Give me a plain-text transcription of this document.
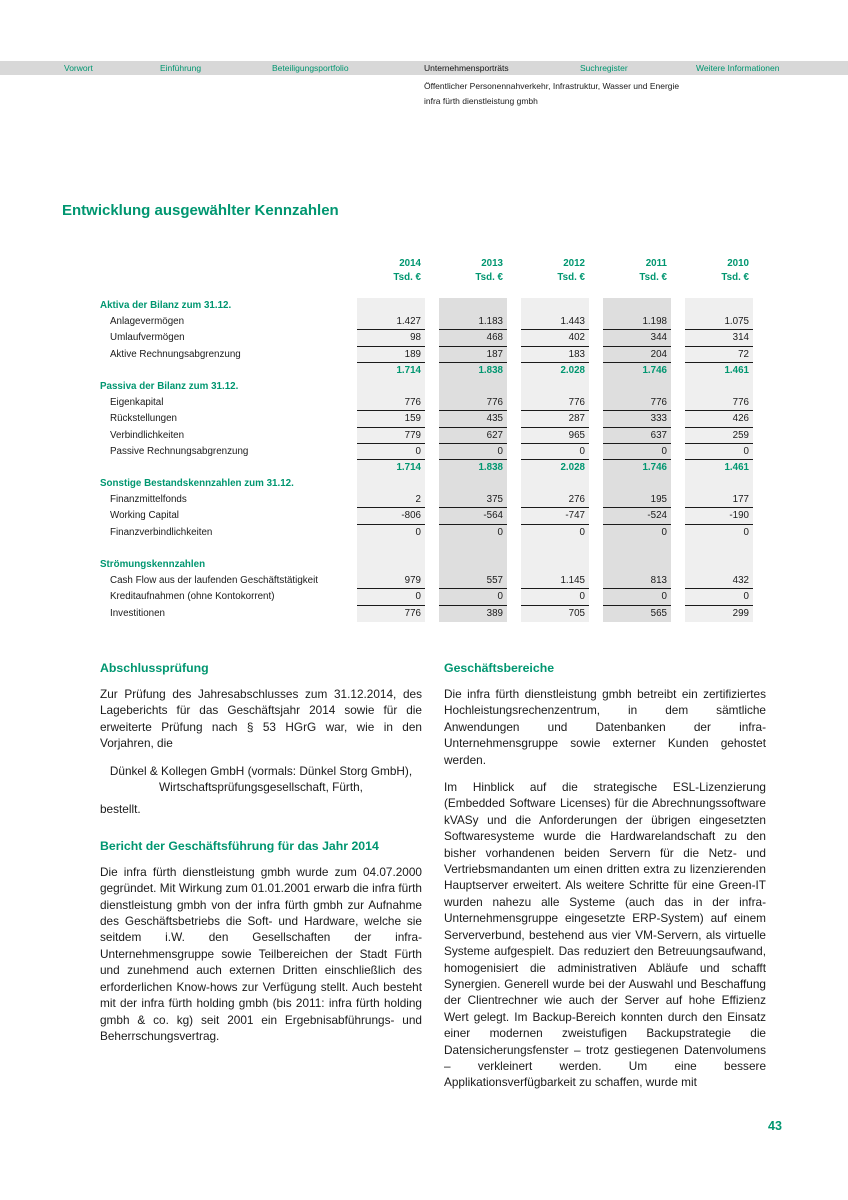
Vorwort	Einführung	Beteiligungsportfolio	Unternehmensporträts	Suchregister	Weitere Informationen
Öffentlicher Personennahverkehr, Infrastruktur, Wasser und Energie
infra fürth dienstleistung gmbh
Entwicklung ausgewählter Kennzahlen
2014	2013	2012	2011	2010
Tsd. €	Tsd. €	Tsd. €	Tsd. €	Tsd. €
Aktiva der Bilanz zum 31.12.
Anlagevermögen	1.427	1.183	1.443	1.198	1.075
Umlaufvermögen	98	468	402	344	314
Aktive Rechnungsabgrenzung	189	187	183	204	72
1.714	1.838	2.028	1.746	1.461
Passiva der Bilanz zum 31.12.
Eigenkapital	776	776	776	776	776
Rückstellungen	159	435	287	333	426
Verbindlichkeiten	779	627	965	637	259
Passive Rechnungsabgrenzung	0	0	0	0	0
1.714	1.838	2.028	1.746	1.461
Sonstige Bestandskennzahlen zum 31.12.
Finanzmittelfonds	2	375	276	195	177
Working Capital	-806	-564	-747	-524	-190
Finanzverbindlichkeiten	0	0	0	0	0
Strömungskennzahlen
Cash Flow aus der laufenden Geschäftstätigkeit	979	557	1.145	813	432
Kreditaufnahmen (ohne Kontokorrent)	0	0	0	0	0
Investitionen	776	389	705	565	299
Abschlussprüfung
Zur Prüfung des Jahresabschlusses zum 31.12.2014, des Lageberichts für das Geschäftsjahr 2014 sowie für die erweiterte Prüfung nach § 53 HGrG war, wie in den Vorjahren, die
Dünkel & Kollegen GmbH (vormals: Dünkel Storg GmbH),
Wirtschaftsprüfungsgesellschaft, Fürth,
bestellt.
Bericht der Geschäftsführung für das Jahr 2014
Die infra fürth dienstleistung gmbh wurde zum 04.07.2000 gegründet. Mit Wirkung zum 01.01.2001 erwarb die infra fürth dienstleistung gmbh von der infra fürth gmbh zur Aufnahme des Geschäftsbetriebs die Soft- und Hardware, welche sie seitdem i.W. den Gesellschaften der infra-Unternehmensgruppe sowie Teilbereichen der Stadt Fürth und zunehmend auch externen Dritten einschließlich des erforderlichen Know-hows zur Verfügung stellt. Auch besteht mit der infra fürth holding gmbh (bis 2011: infra fürth holding gmbh & co. kg) seit 2001 ein Ergebnisabführungs- und Beherrschungsvertrag.
Geschäftsbereiche
Die infra fürth dienstleistung gmbh betreibt ein zertifiziertes Hochleistungsrechenzentrum, in dem sämtliche Anwendungen und Datenbanken der infra-Unternehmensgruppe sowie externer Kunden gehostet werden.
Im Hinblick auf die strategische ESL-Lizenzierung (Embedded Software Licenses) für die Abrechnungssoftware kVASy und die Anforderungen der übrigen eingesetzten Softwaresysteme wurde die Hardwarelandschaft zu den bisher vorhandenen beiden Servern für die Netz- und Vertriebsmandanten um einen dritten extra zu lizenzierenden Hauptserver erweitert. Als weitere Schritte für eine Green-IT wurden nahezu alle Systeme (auch das in der infra-Unternehmensgruppe eingesetzte ERP-System) auf einem Serververbund, bestehend aus vier VM-Servern, als virtuelle Systeme aufgespielt. Das reduziert den Betreuungsaufwand, homogenisiert die administrativen Abläufe und schafft Synergien. Generell wurde bei der Auswahl und Beschaffung der Clientrechner wie auch der Server auf hohe Effizienz Wert gelegt. Im Backup-Bereich konnten durch den Einsatz einer modernen zweistufigen Backupstrategie die Datensicherungsfenster – trotz gestiegenen Datenvolumens – verkleinert werden. Um eine bessere Applikationsverfügbarkeit zu schaffen, wurde mit
43
